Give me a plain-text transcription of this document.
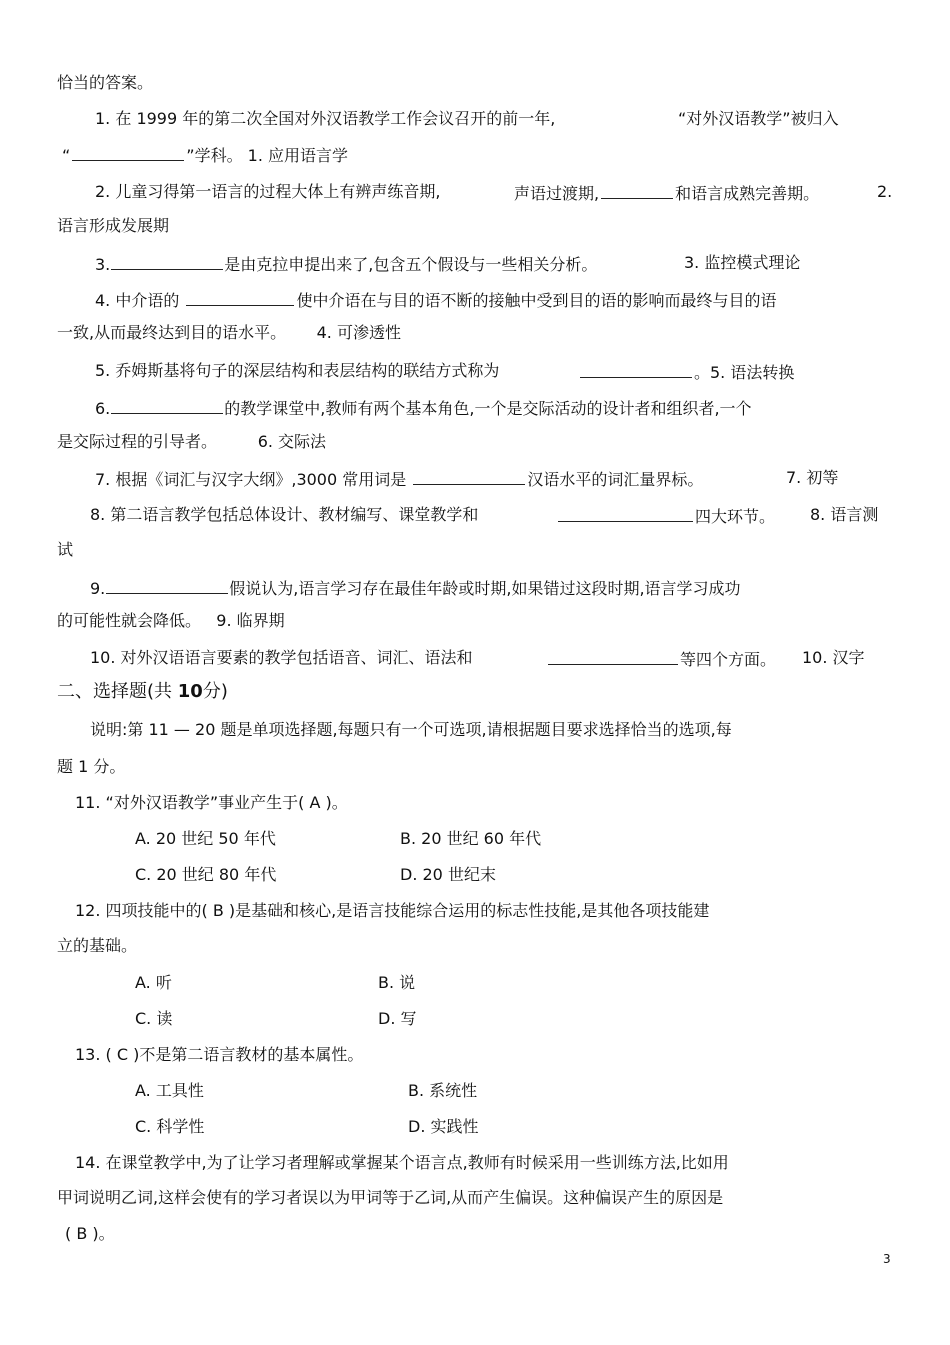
恰当的答案。
1. 在 1999 年的第二次全国对外汉语教学工作会议召开的前一年,	“对外汉语教学”被归入
“	”学科。 1. 应用语言学
2. 儿童习得第一语言的过程大体上有辨声练音期,	声语过渡期,	和语言成熟完善期。	2.
语言形成发展期
3.	是由克拉申提出来了,包含五个假设与一些相关分析。	3. 监控模式理论
4. 中介语的	使中介语在与目的语不断的接触中受到目的语的影响而最终与目的语
一致,从而最终达到目的语水平。 4. 可渗透性
5. 乔姆斯基将句子的深层结构和表层结构的联结方式称为	。5. 语法转换
6.	的教学课堂中,教师有两个基本角色,一个是交际活动的设计者和组织者,一个
是交际过程的引导者。	6. 交际法
7. 根据《词汇与汉字大纲》,3000 常用词是	汉语水平的词汇量界标。	7. 初等
8. 第二语言教学包括总体设计、教材编写、课堂教学和	四大环节。 8. 语言测
试
9.	假说认为,语言学习存在最佳年龄或时期,如果错过这段时期,语言学习成功
的可能性就会降低。 9. 临界期
10. 对外汉语语言要素的教学包括语音、词汇、语法和	等四个方面。 10. 汉字
二、选择题(共 10分)
说明:第 11 — 20 题是单项选择题,每题只有一个可选项,请根据题目要求选择恰当的选项,每
题 1 分。
11. “对外汉语教学”事业产生于( A )。
A. 20 世纪 50 年代	B. 20 世纪 60 年代
C. 20 世纪 80 年代	D. 20 世纪末
12. 四项技能中的( B )是基础和核心,是语言技能综合运用的标志性技能,是其他各项技能建
立的基础。
A. 听	B. 说
C. 读	D. 写
13. ( C )不是第二语言教材的基本属性。
A. 工具性	B. 系统性
C. 科学性	D. 实践性
14. 在课堂教学中,为了让学习者理解或掌握某个语言点,教师有时候采用一些训练方法,比如用
甲词说明乙词,这样会使有的学习者误以为甲词等于乙词,从而产生偏误。这种偏误产生的原因是
( B )。
3
